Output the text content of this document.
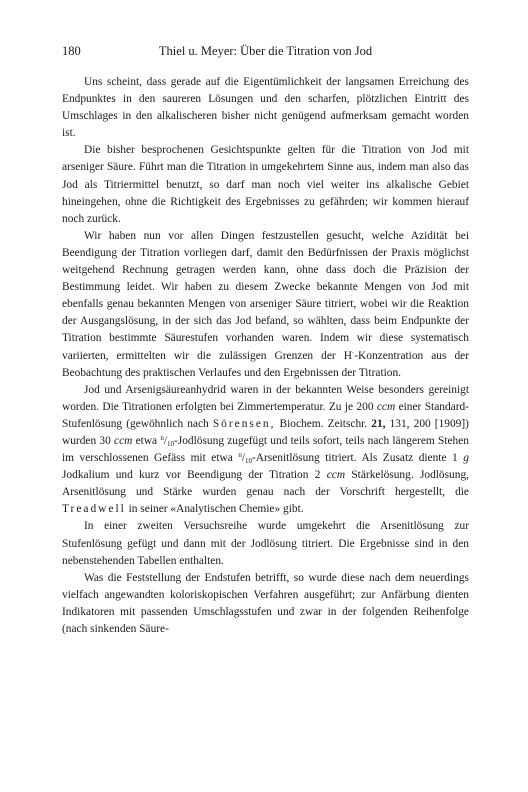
180	Thiel u. Meyer: Über die Titration von Jod

Uns scheint, dass gerade auf die Eigentümlichkeit der langsamen Erreichung des Endpunktes in den saureren Lösungen und den scharfen, plötzlichen Eintritt des Umschlages in den alkalischeren bisher nicht genügend aufmerksam gemacht worden ist.

Die bisher besprochenen Gesichtspunkte gelten für die Titration von Jod mit arseniger Säure. Führt man die Titration in umgekehrtem Sinne aus, indem man also das Jod als Titriermittel benutzt, so darf man noch viel weiter ins alkalische Gebiet hineingehen, ohne die Richtigkeit des Ergebnisses zu gefährden; wir kommen hierauf noch zurück.

Wir haben nun vor allen Dingen festzustellen gesucht, welche Azidität bei Beendigung der Titration vorliegen darf, damit den Bedürfnissen der Praxis möglichst weitgehend Rechnung getragen werden kann, ohne dass doch die Präzision der Bestimmung leidet. Wir haben zu diesem Zwecke bekannte Mengen von Jod mit ebenfalls genau bekannten Mengen von arseniger Säure titriert, wobei wir die Reaktion der Ausgangslösung, in der sich das Jod befand, so wählten, dass beim Endpunkte der Titration bestimmte Säurestufen vorhanden waren. Indem wir diese systematisch variierten, ermittelten wir die zulässigen Grenzen der H·-Konzentration aus der Beobachtung des praktischen Verlaufes und den Ergebnissen der Titration.

Jod und Arsenigsäureanhydrid waren in der bekannten Weise besonders gereinigt worden. Die Titrationen erfolgten bei Zimmertemperatur. Zu je 200 ccm einer Standard-Stufenlösung (gewöhnlich nach Sörensen, Biochem. Zeitschr. 21, 131, 200 [1909]) wurden 30 ccm etwa $^n/_{10}$-Jodlösung zugefügt und teils sofort, teils nach längerem Stehen im verschlossenen Gefäss mit etwa $^n/_{10}$-Arsenitlösung titriert. Als Zusatz diente 1 g Jodkalium und kurz vor Beendigung der Titration 2 ccm Stärkelösung. Jodlösung, Arsenitlösung und Stärke wurden genau nach der Vorschrift hergestellt, die Treadwell in seiner «Analytischen Chemie» gibt.

In einer zweiten Versuchsreihe wurde umgekehrt die Arsenitlösung zur Stufenlösung gefügt und dann mit der Jodlösung titriert. Die Ergebnisse sind in den nebenstehenden Tabellen enthalten.

Was die Feststellung der Endstufen betrifft, so wurde diese nach dem neuerdings vielfach angewandten koloriskopischen Verfahren ausgeführt; zur Anfärbung dienten Indikatoren mit passenden Umschlagsstufen und zwar in der folgenden Reihenfolge (nach sinkenden Säure-
